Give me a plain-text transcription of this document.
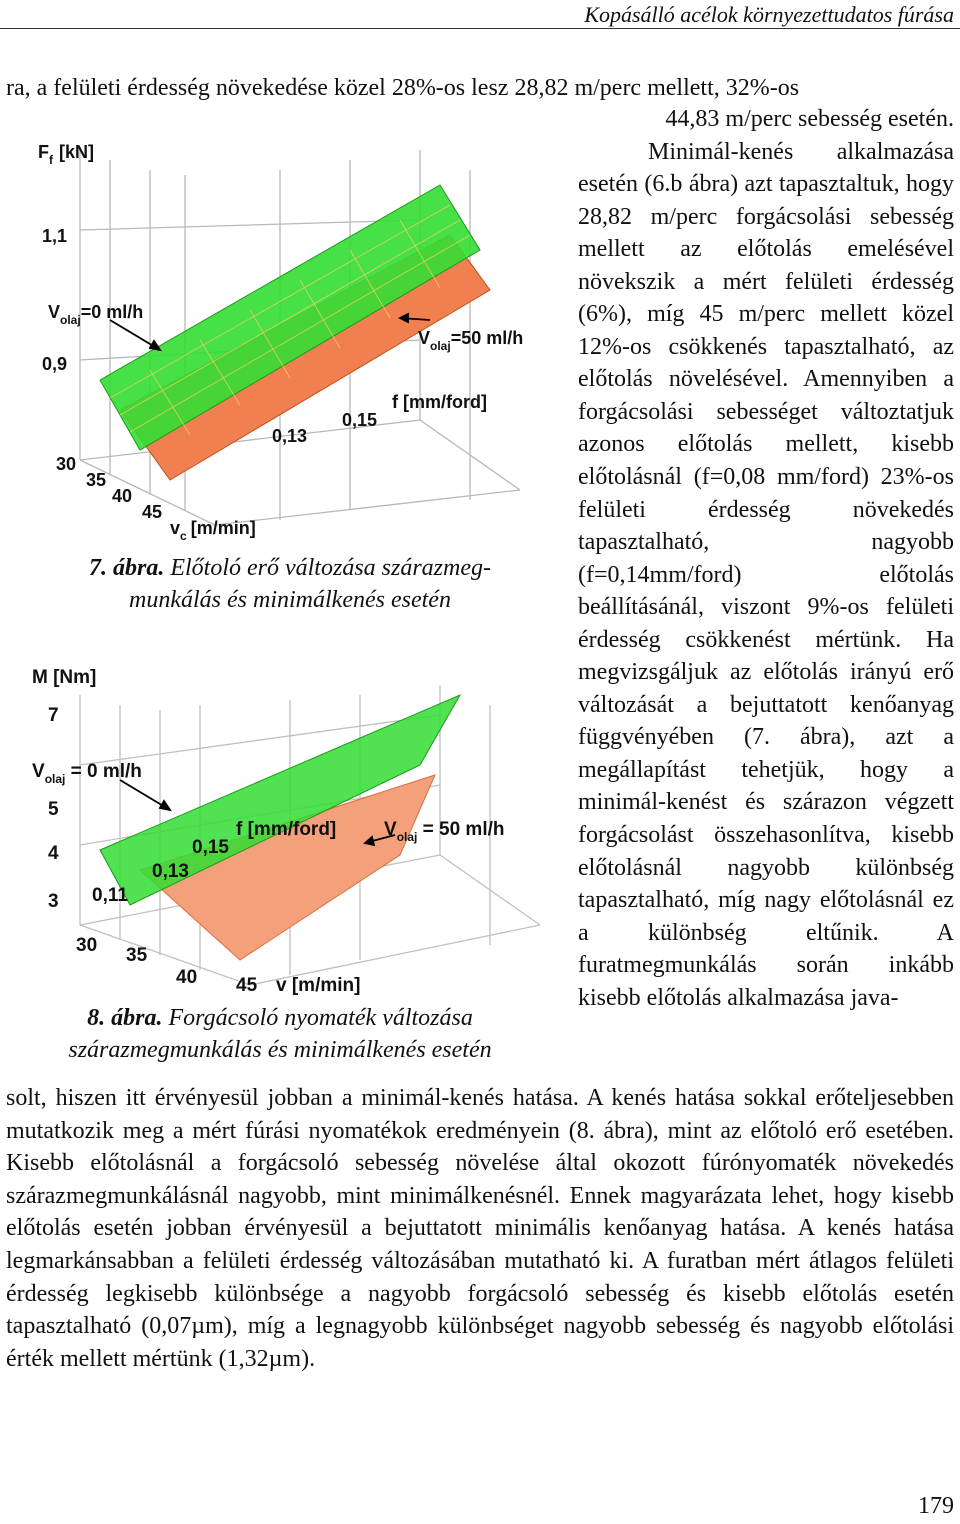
Kopásálló acélok környezettudatos fúrása
ra, a felületi érdesség növekedése közel 28%-os lesz 28,82 m/perc mellett, 32%-os

44,83 m/perc sebesség esetén.

Minimál-kenés alkalmazása esetén (6.b ábra) azt tapasztaltuk, hogy 28,82 m/perc forgácsolási sebesség mellett az előtolás emelésével növekszik a mért felületi érdesség (6%), míg 45 m/perc mellett közel 12%-os csökkenés tapasztalható, az előtolás növelésével. Amennyiben a forgácsolási sebességet változtatjuk azonos előtolás mellett, kisebb előtolásnál (f=0,08 mm/ford) 23%-os felületi érdesség növekedés tapasztalható, nagyobb (f=0,14mm/ford) előtolás beállításánál, viszont 9%-os felületi érdesség csökkenést mértünk. Ha megvizsgáljuk az előtolás irányú erő változását a bejuttatott kenőanyag függvényében (7. ábra), azt a megállapítást tehetjük, hogy a minimál-kenést és szárazon végzett forgácsolást összehasonlítva, kisebb előtolásnál nagyobb különbség tapasztalható, míg nagy előtolásnál ez a különbség eltűnik. A furatmegmunkálás során inkább kisebb előtolás alkalmazása java-

$F_f$ [kN]
1,1
0,9
$V_{olaj}=0$ ml/h
$V_{olaj}=50$ ml/h
f [mm/ford]
0,13
0,15
30
35
40
45
$v_c$ [m/min]
7. ábra. Előtoló erő változása szárazmeg-
munkálás és minimálkenés esetén
M [Nm]
7
5
4
3
$V_{olaj} = 0$ ml/h
$V_{olaj} = 50$ ml/h
f [mm/ford]
0,11
0,13
0,15
30 35
40 45 v [m/min]
8. ábra. Forgácsoló nyomaték változása
szárazmegmunkálás és minimálkenés esetén
solt, hiszen itt érvényesül jobban a minimál-kenés hatása. A kenés hatása sokkal erőteljesebben mutatkozik meg a mért fúrási nyomatékok eredményein (8. ábra), mint az előtoló erő esetében. Kisebb előtolásnál a forgácsoló sebesség növelése által okozott fúrónyomaték növekedés szárazmegmunkálásnál nagyobb, mint minimálkenésnél. Ennek magyarázata lehet, hogy kisebb előtolás esetén jobban érvényesül a bejuttatott minimális kenőanyag hatása. A kenés hatása legmarkánsabban a felületi érdesség változásában mutatható ki. A furatban mért átlagos felületi érdesség legkisebb különbsége a nagyobb forgácsoló sebesség és kisebb előtolás esetén tapasztalható (0,07µm), míg a legnagyobb különbséget nagyobb sebesség és nagyobb előtolási érték mellett mértünk (1,32µm).
179
